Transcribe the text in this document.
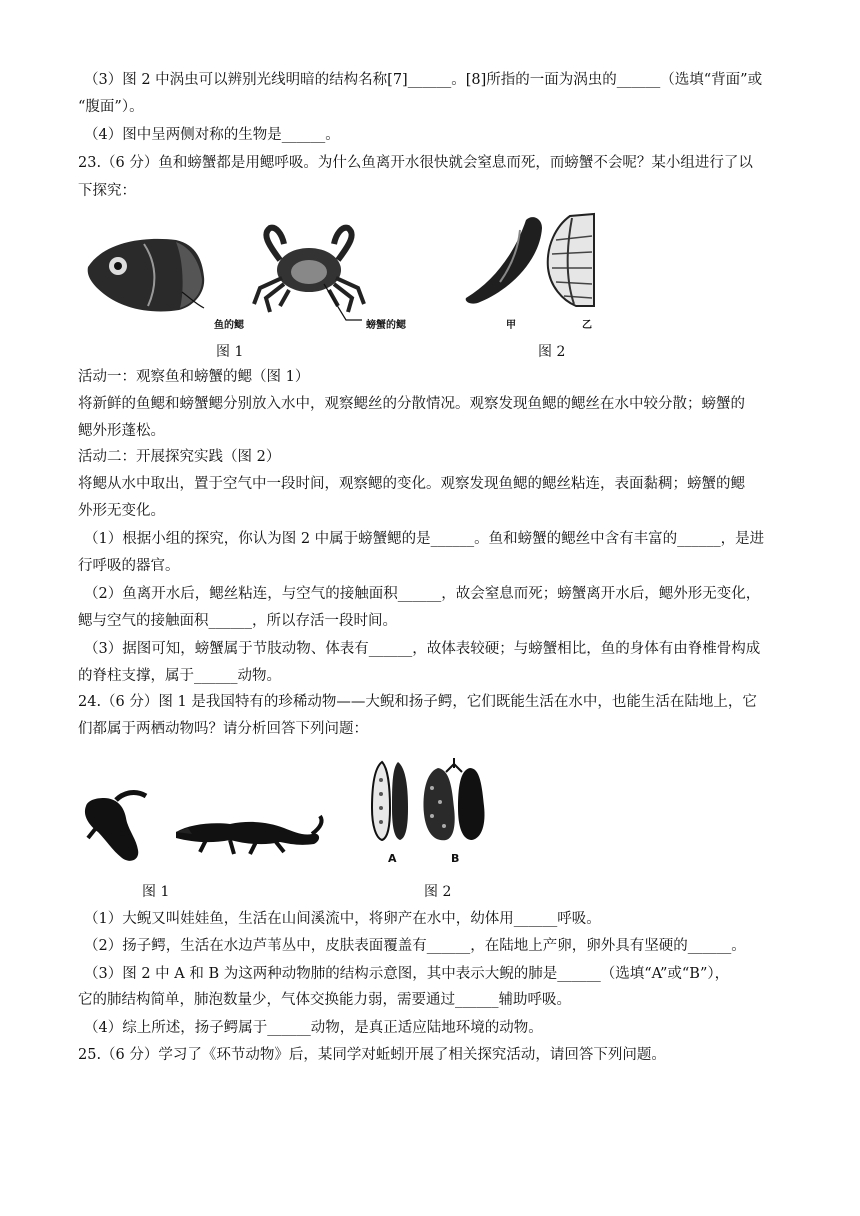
（3）图 2 中涡虫可以辨别光线明暗的结构名称[7]______。[8]所指的一面为涡虫的______（选填“背面”或
“腹面”）。
（4）图中呈两侧对称的生物是______。
23.（6 分）鱼和螃蟹都是用鳃呼吸。为什么鱼离开水很快就会窒息而死，而螃蟹不会呢？某小组进行了以
下探究：
鱼的鳃	螃蟹的鳃	甲	乙
图 1	图 2
活动一：观察鱼和螃蟹的鳃（图 1）
将新鲜的鱼鳃和螃蟹鳃分别放入水中，观察鳃丝的分散情况。观察发现鱼鳃的鳃丝在水中较分散；螃蟹的
鳃外形蓬松。
活动二：开展探究实践（图 2）
将鳃从水中取出，置于空气中一段时间，观察鳃的变化。观察发现鱼鳃的鳃丝粘连，表面黏稠；螃蟹的鳃
外形无变化。
（1）根据小组的探究，你认为图 2 中属于螃蟹鳃的是______。鱼和螃蟹的鳃丝中含有丰富的______，是进
行呼吸的器官。
（2）鱼离开水后，鳃丝粘连，与空气的接触面积______，故会窒息而死；螃蟹离开水后，鳃外形无变化，
鳃与空气的接触面积______，所以存活一段时间。
（3）据图可知，螃蟹属于节肢动物、体表有______，故体表较硬；与螃蟹相比，鱼的身体有由脊椎骨构成
的脊柱支撑，属于______动物。
24.（6 分）图 1 是我国特有的珍稀动物——大鲵和扬子鳄，它们既能生活在水中，也能生活在陆地上，它
们都属于两栖动物吗？请分析回答下列问题：
A	B
图 1	图 2
（1）大鲵又叫娃娃鱼，生活在山间溪流中，将卵产在水中，幼体用______呼吸。
（2）扬子鳄，生活在水边芦苇丛中，皮肤表面覆盖有______，在陆地上产卵，卵外具有坚硬的______。
（3）图 2 中 A 和 B 为这两种动物肺的结构示意图，其中表示大鲵的肺是______（选填“A”或“B”），
它的肺结构简单，肺泡数量少，气体交换能力弱，需要通过______辅助呼吸。
（4）综上所述，扬子鳄属于______动物，是真正适应陆地环境的动物。
25.（6 分）学习了《环节动物》后，某同学对蚯蚓开展了相关探究活动，请回答下列问题。
